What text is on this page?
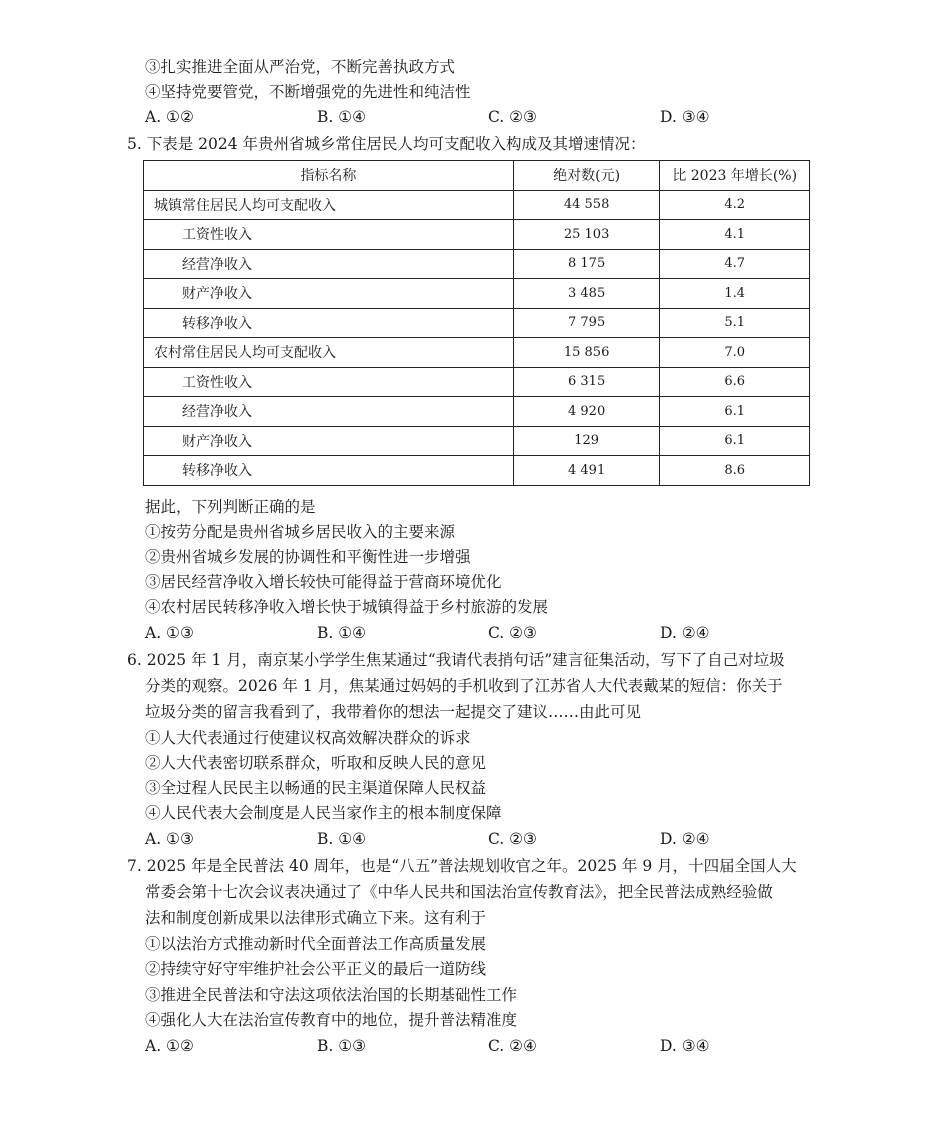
③扎实推进全面从严治党，不断完善执政方式
④坚持党要管党，不断增强党的先进性和纯洁性
A. ①②	B. ①④	C. ②③	D. ③④
5. 下表是 2024 年贵州省城乡常住居民人均可支配收入构成及其增速情况：
指标名称	绝对数(元)	比 2023 年增长(%)
城镇常住居民人均可支配收入	44 558	4.2
工资性收入	25 103	4.1
经营净收入	8 175	4.7
财产净收入	3 485	1.4
转移净收入	7 795	5.1
农村常住居民人均可支配收入	15 856	7.0
工资性收入	6 315	6.6
经营净收入	4 920	6.1
财产净收入	129	6.1
转移净收入	4 491	8.6
据此，下列判断正确的是
①按劳分配是贵州省城乡居民收入的主要来源
②贵州省城乡发展的协调性和平衡性进一步增强
③居民经营净收入增长较快可能得益于营商环境优化
④农村居民转移净收入增长快于城镇得益于乡村旅游的发展
A. ①③	B. ①④	C. ②③	D. ②④
6. 2025 年 1 月，南京某小学学生焦某通过“我请代表捎句话”建言征集活动，写下了自己对垃圾
分类的观察。2026 年 1 月，焦某通过妈妈的手机收到了江苏省人大代表戴某的短信：你关于
垃圾分类的留言我看到了，我带着你的想法一起提交了建议……由此可见
①人大代表通过行使建议权高效解决群众的诉求
②人大代表密切联系群众，听取和反映人民的意见
③全过程人民民主以畅通的民主渠道保障人民权益
④人民代表大会制度是人民当家作主的根本制度保障
A. ①③	B. ①④	C. ②③	D. ②④
7. 2025 年是全民普法 40 周年，也是“八五”普法规划收官之年。2025 年 9 月，十四届全国人大
常委会第十七次会议表决通过了《中华人民共和国法治宣传教育法》，把全民普法成熟经验做
法和制度创新成果以法律形式确立下来。这有利于
①以法治方式推动新时代全面普法工作高质量发展
②持续守好守牢维护社会公平正义的最后一道防线
③推进全民普法和守法这项依法治国的长期基础性工作
④强化人大在法治宣传教育中的地位，提升普法精准度
A. ①②	B. ①③	C. ②④	D. ③④
